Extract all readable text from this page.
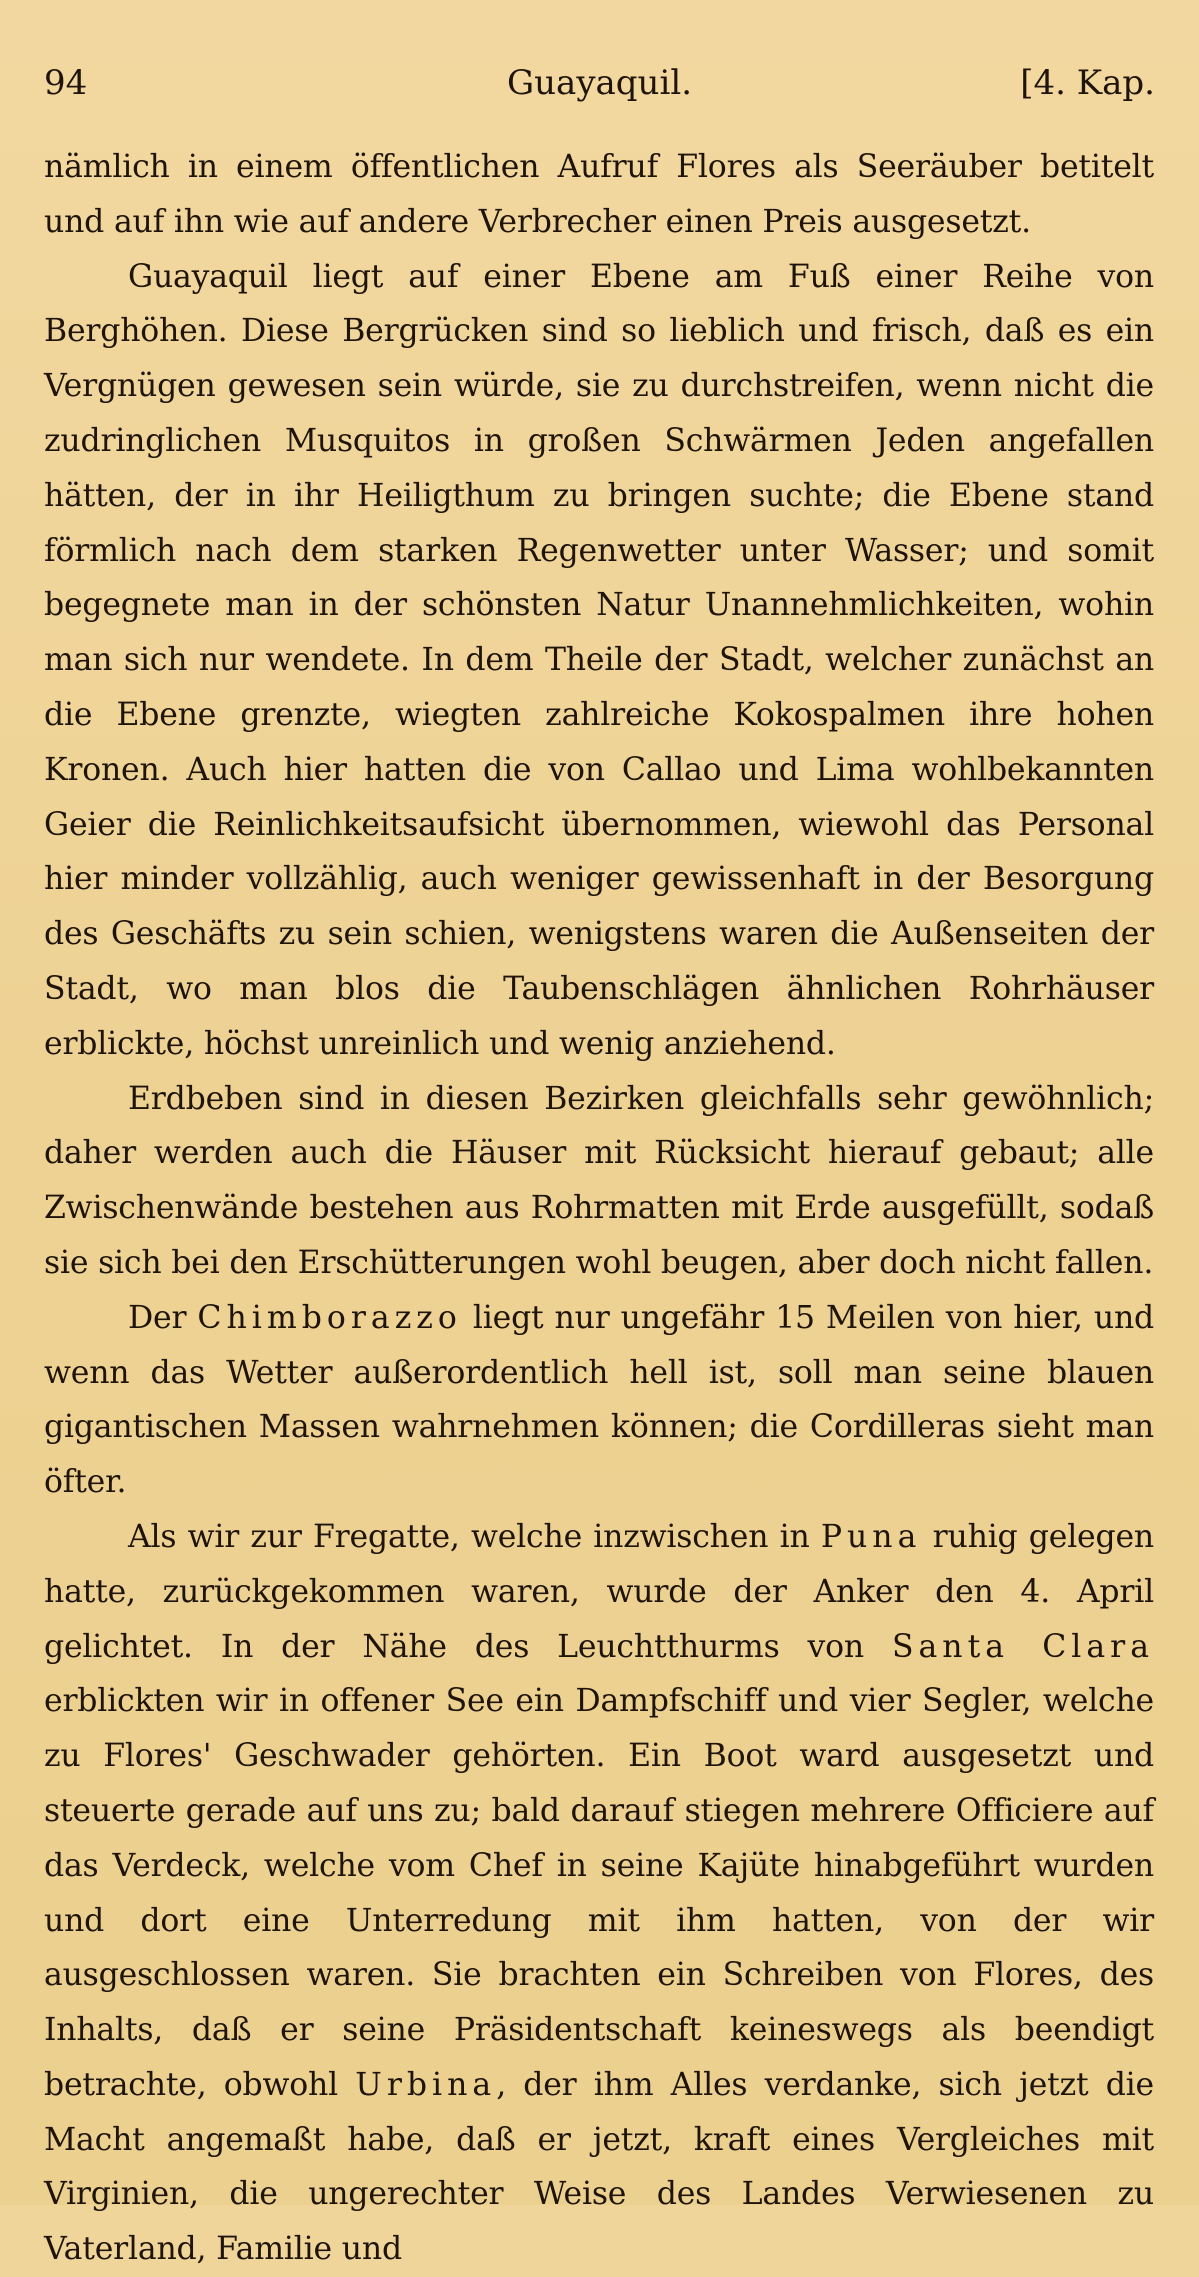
94	Guayaquil.	[4. Kap.

nämlich in einem öffentlichen Aufruf Flores als Seeräuber betitelt und auf ihn wie auf andere Verbrecher einen Preis ausgesetzt.

Guayaquil liegt auf einer Ebene am Fuß einer Reihe von Berghöhen. Diese Bergrücken sind so lieblich und frisch, daß es ein Vergnügen gewesen sein würde, sie zu durchstreifen, wenn nicht die zudringlichen Musquitos in großen Schwärmen Jeden angefallen hätten, der in ihr Heiligthum zu bringen suchte; die Ebene stand förmlich nach dem starken Regenwetter unter Wasser; und somit begegnete man in der schönsten Natur Unannehmlichkeiten, wohin man sich nur wendete. In dem Theile der Stadt, welcher zunächst an die Ebene grenzte, wiegten zahlreiche Kokospalmen ihre hohen Kronen. Auch hier hatten die von Callao und Lima wohlbekannten Geier die Reinlichkeitsaufsicht übernommen, wiewohl das Personal hier minder vollzählig, auch weniger gewissenhaft in der Besorgung des Geschäfts zu sein schien, wenigstens waren die Außenseiten der Stadt, wo man blos die Taubenschlägen ähnlichen Rohrhäuser erblickte, höchst unreinlich und wenig anziehend.

Erdbeben sind in diesen Bezirken gleichfalls sehr gewöhnlich; daher werden auch die Häuser mit Rücksicht hierauf gebaut; alle Zwischenwände bestehen aus Rohrmatten mit Erde ausgefüllt, sodaß sie sich bei den Erschütterungen wohl beugen, aber doch nicht fallen.

Der Chimborazzo liegt nur ungefähr 15 Meilen von hier, und wenn das Wetter außerordentlich hell ist, soll man seine blauen gigantischen Massen wahrnehmen können; die Cordilleras sieht man öfter.

Als wir zur Fregatte, welche inzwischen in Puna ruhig gelegen hatte, zurückgekommen waren, wurde der Anker den 4. April gelichtet. In der Nähe des Leuchtthurms von Santa Clara erblickten wir in offener See ein Dampfschiff und vier Segler, welche zu Flores' Geschwader gehörten. Ein Boot ward ausgesetzt und steuerte gerade auf uns zu; bald darauf stiegen mehrere Officiere auf das Verdeck, welche vom Chef in seine Kajüte hinabgeführt wurden und dort eine Unterredung mit ihm hatten, von der wir ausgeschlossen waren. Sie brachten ein Schreiben von Flores, des Inhalts, daß er seine Präsidentschaft keineswegs als beendigt betrachte, obwohl Urbina, der ihm Alles verdanke, sich jetzt die Macht angemaßt habe, daß er jetzt, kraft eines Vergleiches mit Virginien, die ungerechter Weise des Landes Verwiesenen zu Vaterland, Familie und
